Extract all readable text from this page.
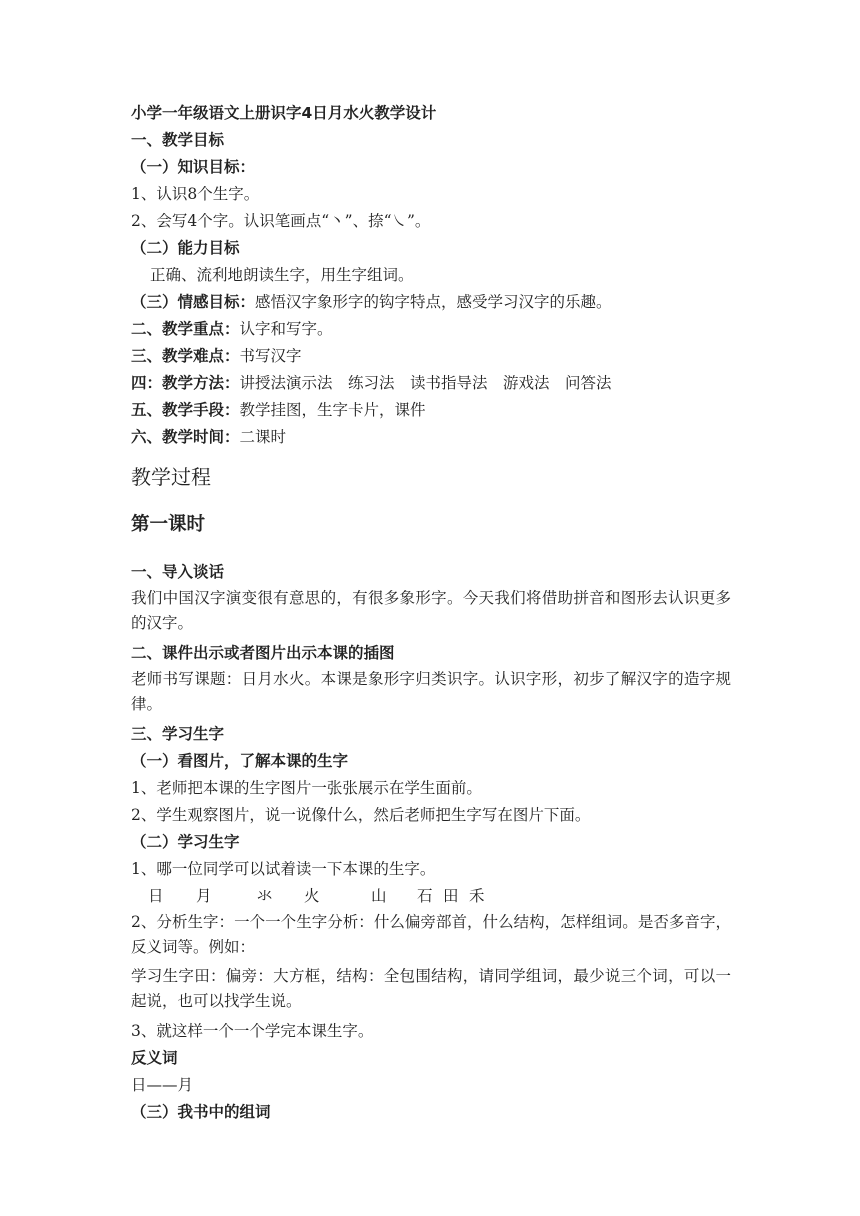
小学一年级语文上册识字4日月水火教学设计
一、教学目标
（一）知识目标：
1、认识8个生字。
2、会写4个字。认识笔画点“丶”、捺“㇏”。
（二）能力目标
正确、流利地朗读生字，用生字组词。
（三）情感目标：感悟汉字象形字的钩字特点，感受学习汉字的乐趣。
二、教学重点：认字和写字。
三、教学难点：书写汉字
四：教学方法：讲授法演示法　练习法　读书指导法　游戏法　问答法
五、教学手段：教学挂图，生字卡片，课件
六、教学时间：二课时
教学过程
第一课时
一、导入谈话
我们中国汉字演变很有意思的，有很多象形字。今天我们将借助拼音和图形去认识更多的汉字。
二、课件出示或者图片出示本课的插图
老师书写课题：日月水火。本课是象形字归类识字。认识字形，初步了解汉字的造字规律。
三、学习生字
（一）看图片，了解本课的生字
1、老师把本课的生字图片一张张展示在学生面前。
2、学生观察图片，说一说像什么，然后老师把生字写在图片下面。
（二）学习生字
1、哪一位同学可以试着读一下本课的生字。
日 月	氺 火	山 石 田 禾
2、分析生字：一个一个生字分析：什么偏旁部首，什么结构，怎样组词。是否多音字，反义词等。例如：
学习生字田：偏旁：大方框，结构：全包围结构，请同学组词，最少说三个词，可以一起说，也可以找学生说。
3、就这样一个一个学完本课生字。
反义词
日——月
（三）我书中的组词
